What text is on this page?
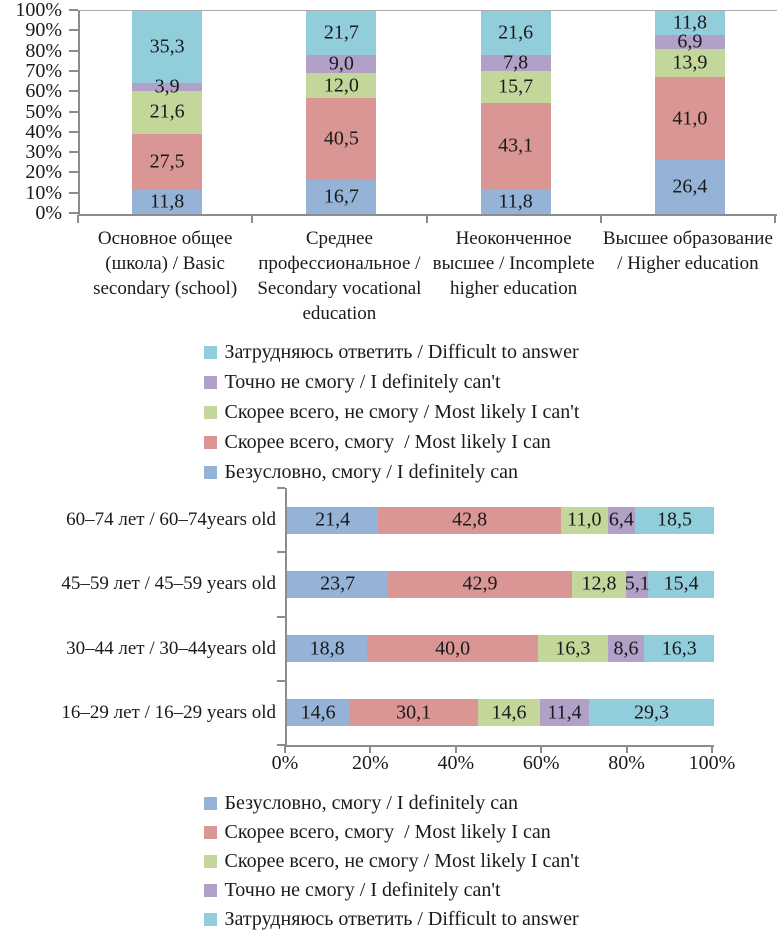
11,8
27,5
21,6
3,9
35,3
16,7
40,5
12,0
9,0
21,7
11,8
43,1
15,7
7,8
21,6
26,4
41,0
13,9
6,9
11,8
100%
90%
80%
70%
60%
50%
40%
30%
20%
10%
0%
Основное общее (школа) / Basic secondary (school)
Среднее профессиональное / Secondary vocational education
Неоконченное высшее / Incomplete higher education
Высшее образование / Higher education
Затрудняюсь ответить / Difficult to answer
Точно не смогу / I definitely can't
Скорее всего, не смогу / Most likely I can't
Скорее всего, смогу  / Most likely I can
Безусловно, смогу / I definitely can
21,4	42,8	11,0 6,4 18,5
23,7	42,9	12,8 5,1 15,4
18,8	40,0	16,3 8,6 16,3
14,6	30,1	14,6 11,4	29,3
60–74 лет / 60–74years old
45–59 лет / 45–59 years old
30–44 лет / 30–44years old
16–29 лет / 16–29 years old
0%	20%	40%	60%	80%	100%
Безусловно, смогу / I definitely can
Скорее всего, смогу  / Most likely I can
Скорее всего, не смогу / Most likely I can't
Точно не смогу / I definitely can't
Затрудняюсь ответить / Difficult to answer
